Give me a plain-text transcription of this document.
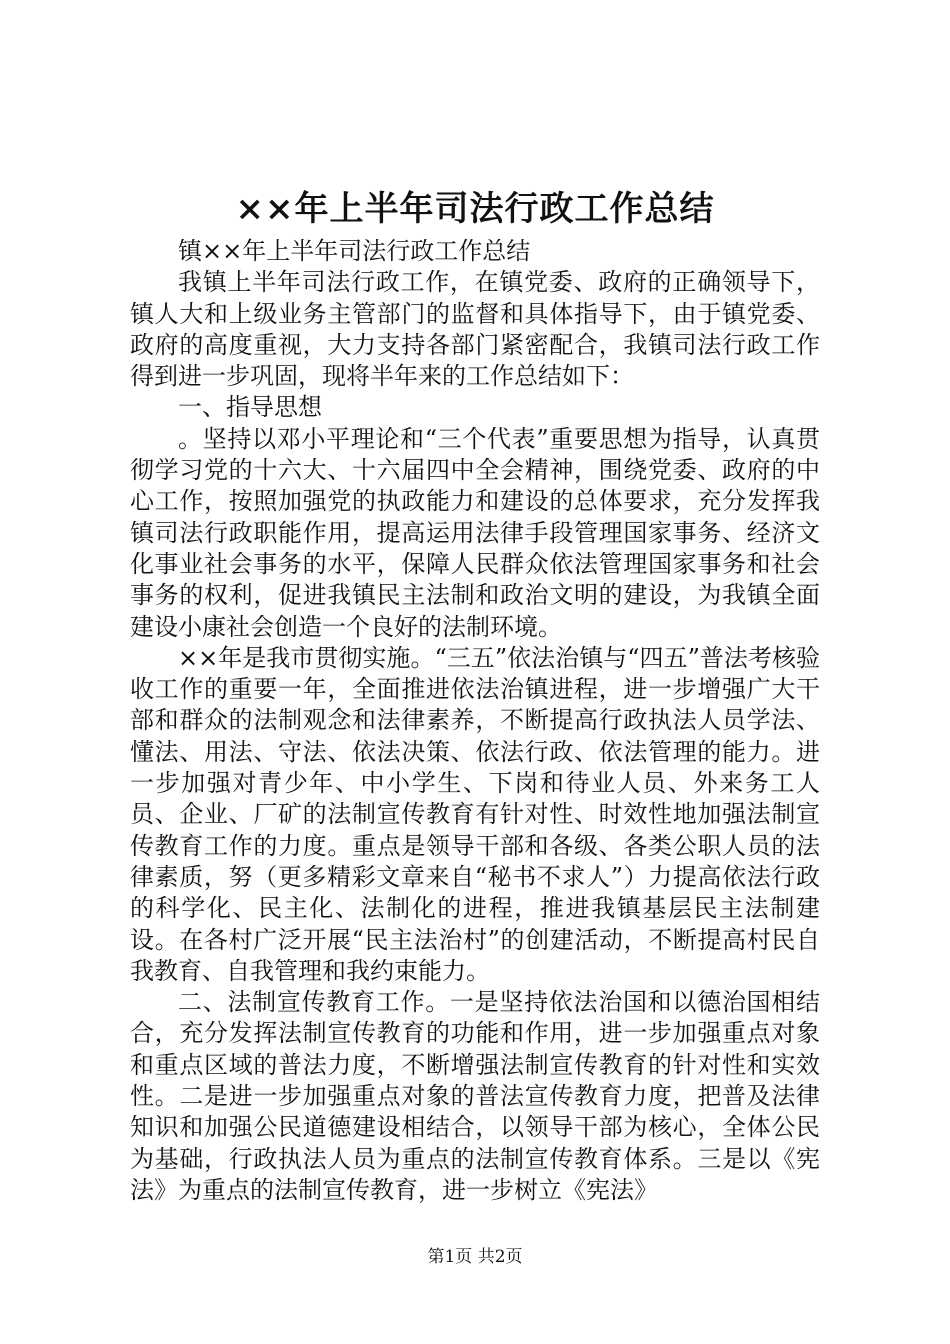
××年上半年司法行政工作总结

镇××年上半年司法行政工作总结

我镇上半年司法行政工作，在镇党委、政府的正确领导下，镇人大和上级业务主管部门的监督和具体指导下，由于镇党委、政府的高度重视，大力支持各部门紧密配合，我镇司法行政工作得到进一步巩固，现将半年来的工作总结如下：

一、指导思想

。坚持以邓小平理论和“三个代表”重要思想为指导，认真贯彻学习党的十六大、十六届四中全会精神，围绕党委、政府的中心工作，按照加强党的执政能力和建设的总体要求，充分发挥我镇司法行政职能作用，提高运用法律手段管理国家事务、经济文化事业社会事务的水平，保障人民群众依法管理国家事务和社会事务的权利，促进我镇民主法制和政治文明的建设，为我镇全面建设小康社会创造一个良好的法制环境。

××年是我市贯彻实施。“三五”依法治镇与“四五”普法考核验收工作的重要一年，全面推进依法治镇进程，进一步增强广大干部和群众的法制观念和法律素养，不断提高行政执法人员学法、懂法、用法、守法、依法决策、依法行政、依法管理的能力。进一步加强对青少年、中小学生、下岗和待业人员、外来务工人员、企业、厂矿的法制宣传教育有针对性、时效性地加强法制宣传教育工作的力度。重点是领导干部和各级、各类公职人员的法律素质，努（更多精彩文章来自“秘书不求人”）力提高依法行政的科学化、民主化、法制化的进程，推进我镇基层民主法制建设。在各村广泛开展“民主法治村”的创建活动，不断提高村民自我教育、自我管理和我约束能力。

二、法制宣传教育工作。一是坚持依法治国和以德治国相结合，充分发挥法制宣传教育的功能和作用，进一步加强重点对象和重点区域的普法力度，不断增强法制宣传教育的针对性和实效性。二是进一步加强重点对象的普法宣传教育力度，把普及法律知识和加强公民道德建设相结合，以领导干部为核心，全体公民为基础，行政执法人员为重点的法制宣传教育体系。三是以《宪法》为重点的法制宣传教育，进一步树立《宪法》

第1页 共2页
